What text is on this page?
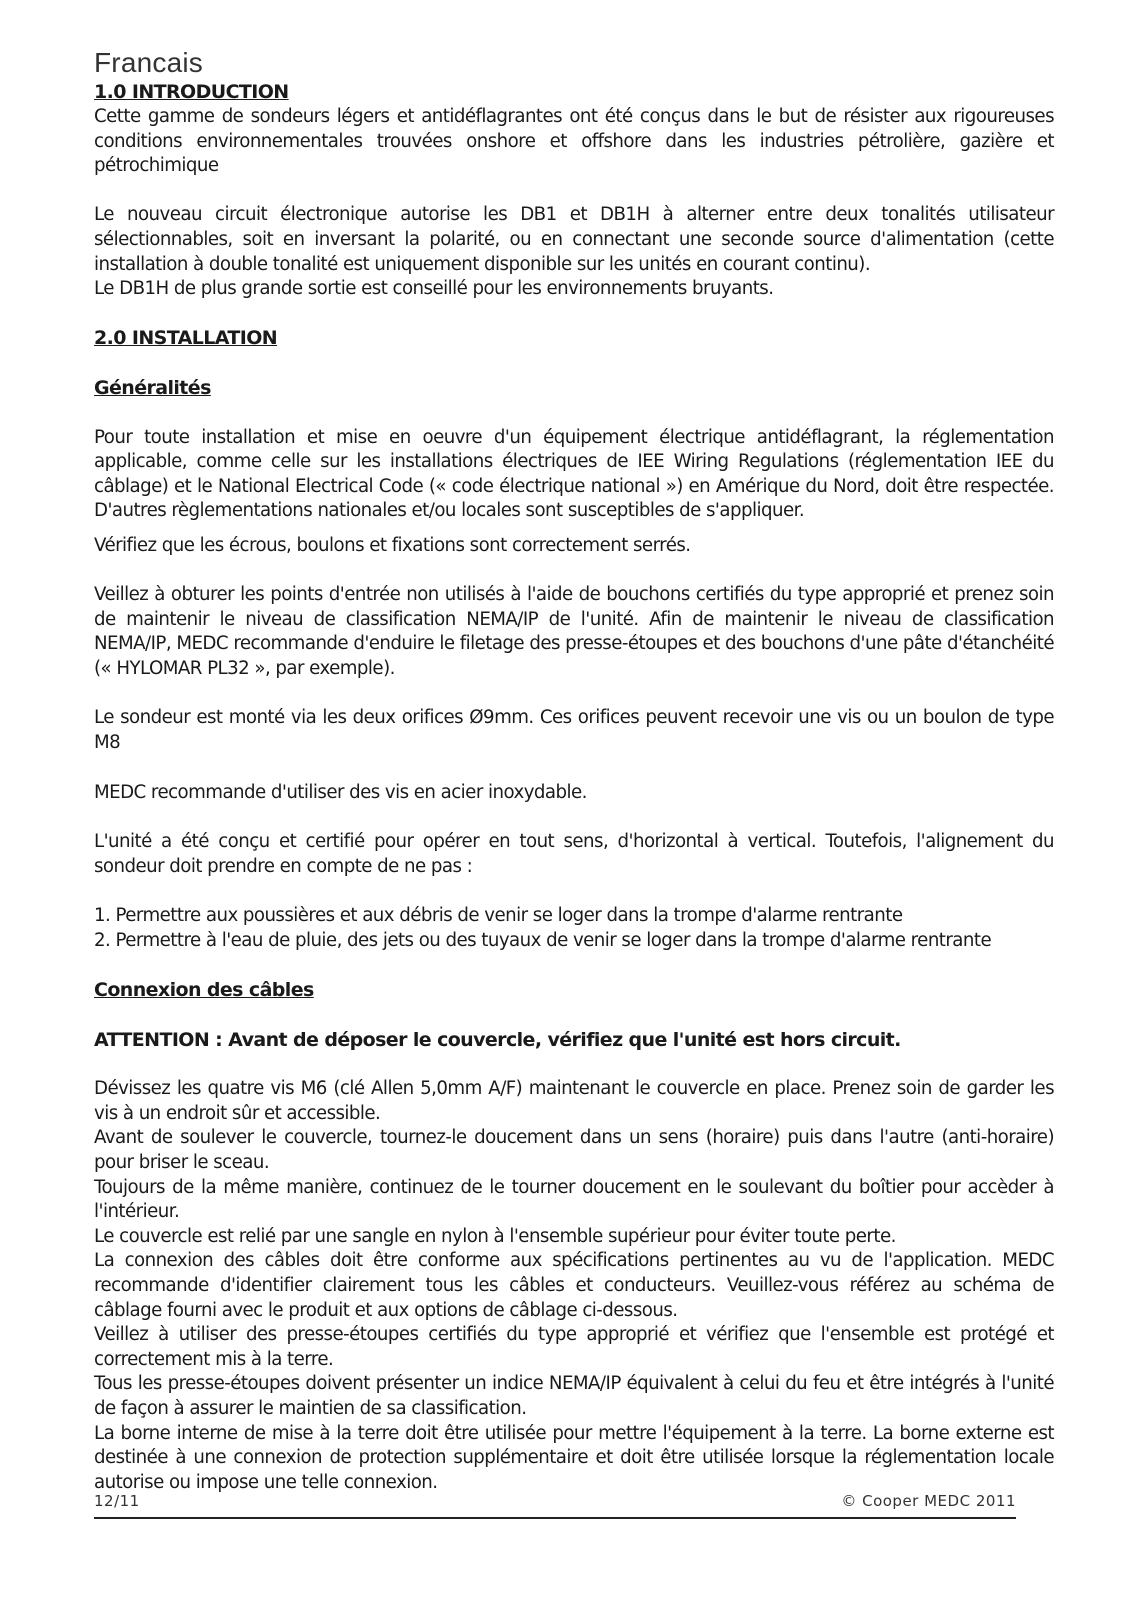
Francais
1.0 INTRODUCTION

Cette gamme de sondeurs légers et antidéflagrantes ont été conçus dans le but de résister aux rigoureuses conditions environnementales trouvées onshore et offshore dans les industries pétrolière, gazière et pétrochimique

Le nouveau circuit électronique autorise les DB1 et DB1H à alterner entre deux tonalités utilisateur sélectionnables, soit en inversant la polarité, ou en connectant une seconde source d'alimentation (cette installation à double tonalité est uniquement disponible sur les unités en courant continu).

Le DB1H de plus grande sortie est conseillé pour les environnements bruyants.

2.0 INSTALLATION
Généralités

Pour toute installation et mise en oeuvre d'un équipement électrique antidéflagrant, la réglementation applicable, comme celle sur les installations électriques de IEE Wiring Regulations (réglementation IEE du câblage) et le National Electrical Code (« code électrique national ») en Amérique du Nord, doit être respectée. D'autres règlementations nationales et/ou locales sont susceptibles de s'appliquer.

Vérifiez que les écrous, boulons et fixations sont correctement serrés.

Veillez à obturer les points d'entrée non utilisés à l'aide de bouchons certifiés du type approprié et prenez soin de maintenir le niveau de classification NEMA/IP de l'unité. Afin de maintenir le niveau de classification NEMA/IP, MEDC recommande d'enduire le filetage des presse-étoupes et des bouchons d'une pâte d'étanchéité (« HYLOMAR PL32 », par exemple).

Le sondeur est monté via les deux orifices Ø9mm. Ces orifices peuvent recevoir une vis ou un boulon de type M8

MEDC recommande d'utiliser des vis en acier inoxydable.

L'unité a été conçu et certifié pour opérer en tout sens, d'horizontal à vertical. Toutefois, l'alignement du sondeur doit prendre en compte de ne pas :

1. Permettre aux poussières et aux débris de venir se loger dans la trompe d'alarme rentrante

2. Permettre à l'eau de pluie, des jets ou des tuyaux de venir se loger dans la trompe d'alarme rentrante

Connexion des câbles
ATTENTION : Avant de déposer le couvercle, vérifiez que l'unité est hors circuit.

Dévissez les quatre vis M6 (clé Allen 5,0mm A/F) maintenant le couvercle en place. Prenez soin de garder les vis à un endroit sûr et accessible.

Avant de soulever le couvercle, tournez-le doucement dans un sens (horaire) puis dans l'autre (anti-horaire) pour briser le sceau.

Toujours de la même manière, continuez de le tourner doucement en le soulevant du boîtier pour accèder à l'intérieur.

Le couvercle est relié par une sangle en nylon à l'ensemble supérieur pour éviter toute perte.

La connexion des câbles doit être conforme aux spécifications pertinentes au vu de l'application. MEDC recommande d'identifier clairement tous les câbles et conducteurs. Veuillez-vous référez au schéma de câblage fourni avec le produit et aux options de câblage ci-dessous.

Veillez à utiliser des presse-étoupes certifiés du type approprié et vérifiez que l'ensemble est protégé et correctement mis à la terre.

Tous les presse-étoupes doivent présenter un indice NEMA/IP équivalent à celui du feu et être intégrés à l'unité de façon à assurer le maintien de sa classification.

La borne interne de mise à la terre doit être utilisée pour mettre l'équipement à la terre. La borne externe est destinée à une connexion de protection supplémentaire et doit être utilisée lorsque la réglementation locale autorise ou impose une telle connexion.

12/11	© Cooper MEDC 2011
